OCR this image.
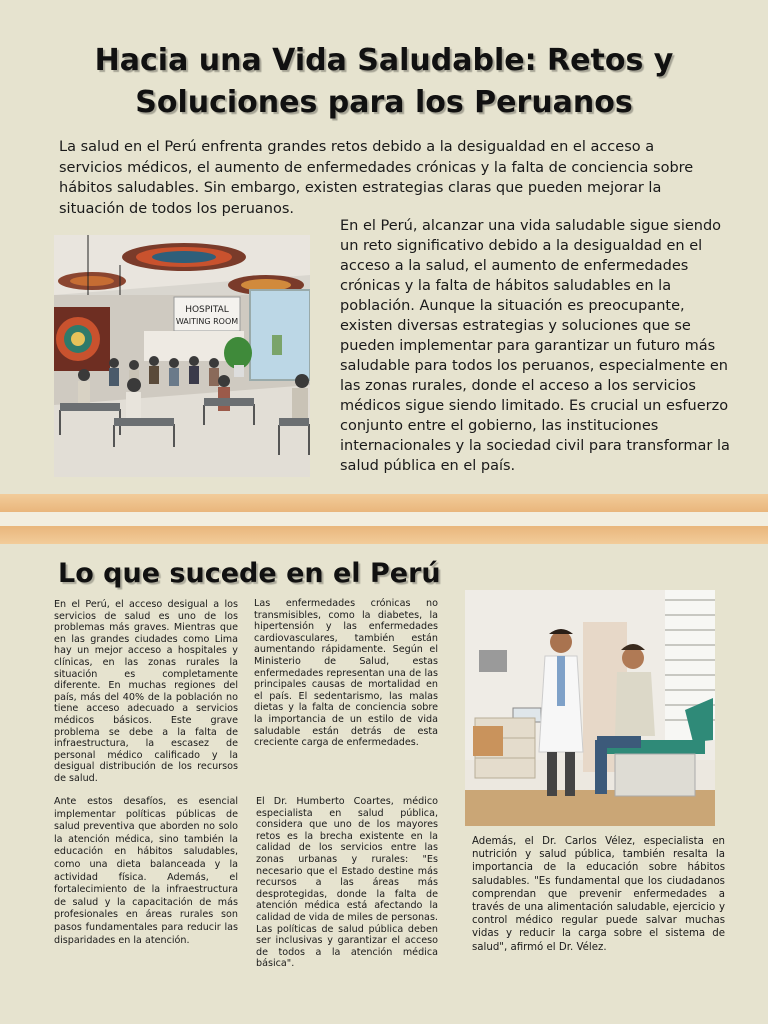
Hacia una Vida Saludable: Retos y Soluciones para los Peruanos

La salud en el Perú enfrenta grandes retos debido a la desigualdad en el acceso a servicios médicos, el aumento de enfermedades crónicas y la falta de conciencia sobre hábitos saludables. Sin embargo, existen estrategias claras que pueden mejorar la situación de todos los peruanos.

HOSPITAL
WAITING ROOM

En el Perú, alcanzar una vida saludable sigue siendo un reto significativo debido a la desigualdad en el acceso a la salud, el aumento de enfermedades crónicas y la falta de hábitos saludables en la población. Aunque la situación es preocupante, existen diversas estrategias y soluciones que se pueden implementar para garantizar un futuro más saludable para todos los peruanos, especialmente en las zonas rurales, donde el acceso a los servicios médicos sigue siendo limitado. Es crucial un esfuerzo conjunto entre el gobierno, las instituciones internacionales y la sociedad civil para transformar la salud pública en el país.

Lo que sucede en el Perú

En el Perú, el acceso desigual a los servicios de salud es uno de los problemas más graves. Mientras que en las grandes ciudades como Lima hay un mejor acceso a hospitales y clínicas, en las zonas rurales la situación es completamente diferente. En muchas regiones del país, más del 40% de la población no tiene acceso adecuado a servicios médicos básicos. Este grave problema se debe a la falta de infraestructura, la escasez de personal médico calificado y la desigual distribución de los recursos de salud.

Las enfermedades crónicas no transmisibles, como la diabetes, la hipertensión y las enfermedades cardiovasculares, también están aumentando rápidamente. Según el Ministerio de Salud, estas enfermedades representan una de las principales causas de mortalidad en el país. El sedentarismo, las malas dietas y la falta de conciencia sobre la importancia de un estilo de vida saludable están detrás de esta creciente carga de enfermedades.

Ante estos desafíos, es esencial implementar políticas públicas de salud preventiva que aborden no solo la atención médica, sino también la educación en hábitos saludables, como una dieta balanceada y la actividad física. Además, el fortalecimiento de la infraestructura de salud y la capacitación de más profesionales en áreas rurales son pasos fundamentales para reducir las disparidades en la atención.

El Dr. Humberto Coartes, médico especialista en salud pública, considera que uno de los mayores retos es la brecha existente en la calidad de los servicios entre las zonas urbanas y rurales: "Es necesario que el Estado destine más recursos a las áreas más desprotegidas, donde la falta de atención médica está afectando la calidad de vida de miles de personas. Las políticas de salud pública deben ser inclusivas y garantizar el acceso de todos a la atención médica básica".

Además, el Dr. Carlos Vélez, especialista en nutrición y salud pública, también resalta la importancia de la educación sobre hábitos saludables. "Es fundamental que los ciudadanos comprendan que prevenir enfermedades a través de una alimentación saludable, ejercicio y control médico regular puede salvar muchas vidas y reducir la carga sobre el sistema de salud", afirmó el Dr. Vélez.
